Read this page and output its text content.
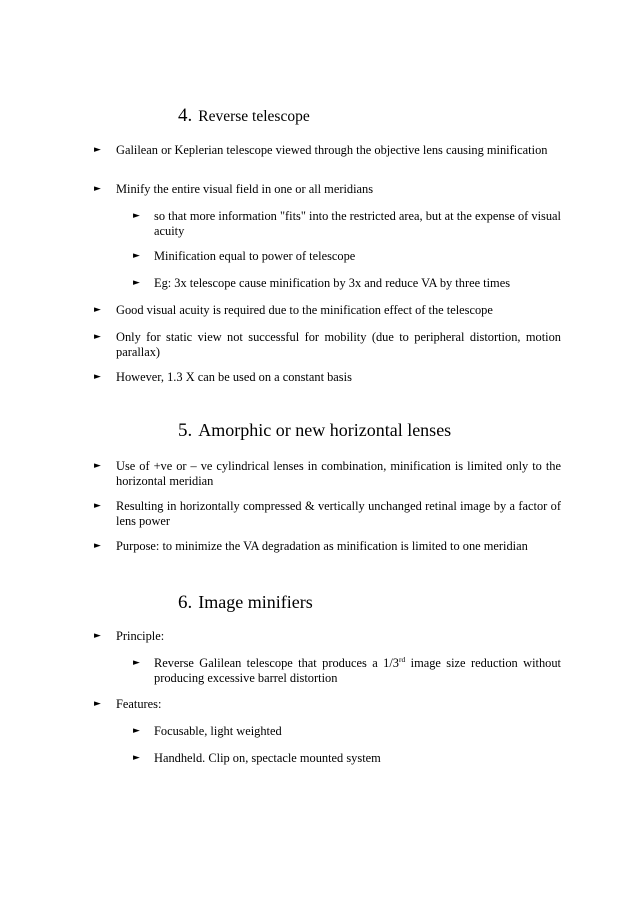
4. Reverse telescope
► Galilean or Keplerian telescope viewed through the objective lens causing minification
► Minify the entire visual field in one or all meridians
► so that more information "fits" into the restricted area, but at the expense of visual acuity
► Minification equal to power of telescope
► Eg: 3x telescope cause minification by 3x and reduce VA by three times
► Good visual acuity is required due to the minification effect of the telescope
► Only for static view not successful for mobility (due to peripheral distortion, motion parallax)
► However, 1.3 X can be used on a constant basis
5. Amorphic or new horizontal lenses
► Use of +ve or – ve cylindrical lenses in combination, minification is limited only to the horizontal meridian
► Resulting in horizontally compressed & vertically unchanged retinal image by a factor of lens power
► Purpose: to minimize the VA degradation as minification is limited to one meridian
6. Image minifiers
► Principle:
► Reverse Galilean telescope that produces a 1/3rd image size reduction without producing excessive barrel distortion
► Features:
► Focusable, light weighted
► Handheld. Clip on, spectacle mounted system
